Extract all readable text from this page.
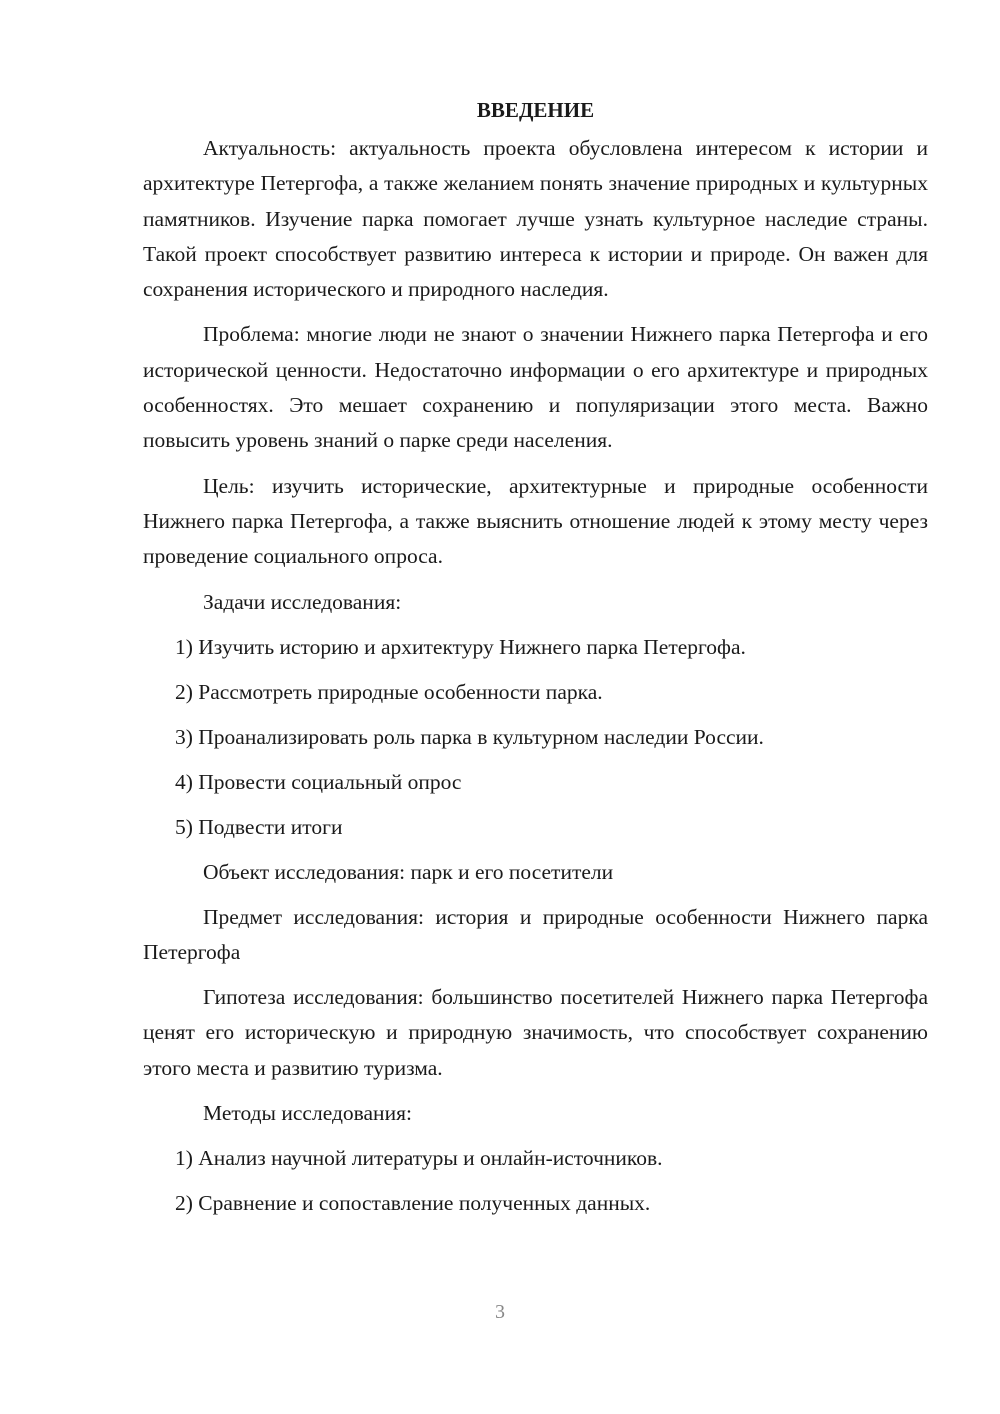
ВВЕДЕНИЕ

Актуальность: актуальность проекта обусловлена интересом к истории и архитектуре Петергофа, а также желанием понять значение природных и культурных памятников. Изучение парка помогает лучше узнать культурное наследие страны. Такой проект способствует развитию интереса к истории и природе. Он важен для сохранения исторического и природного наследия.

Проблема: многие люди не знают о значении Нижнего парка Петергофа и его исторической ценности. Недостаточно информации о его архитектуре и природных особенностях. Это мешает сохранению и популяризации этого места. Важно повысить уровень знаний о парке среди населения.

Цель: изучить исторические, архитектурные и природные особенности Нижнего парка Петергофа, а также выяснить отношение людей к этому месту через проведение социального опроса.

Задачи исследования:
1) Изучить историю и архитектуру Нижнего парка Петергофа.
2) Рассмотреть природные особенности парка.
3) Проанализировать роль парка в культурном наследии России.
4) Провести социальный опрос
5) Подвести итоги
Объект исследования: парк и его посетители

Предмет исследования: история и природные особенности Нижнего парка Петергофа

Гипотеза исследования: большинство посетителей Нижнего парка Петергофа ценят его историческую и природную значимость, что способствует сохранению этого места и развитию туризма.

Методы исследования:
1) Анализ научной литературы и онлайн-источников.
2) Сравнение и сопоставление полученных данных.
3
